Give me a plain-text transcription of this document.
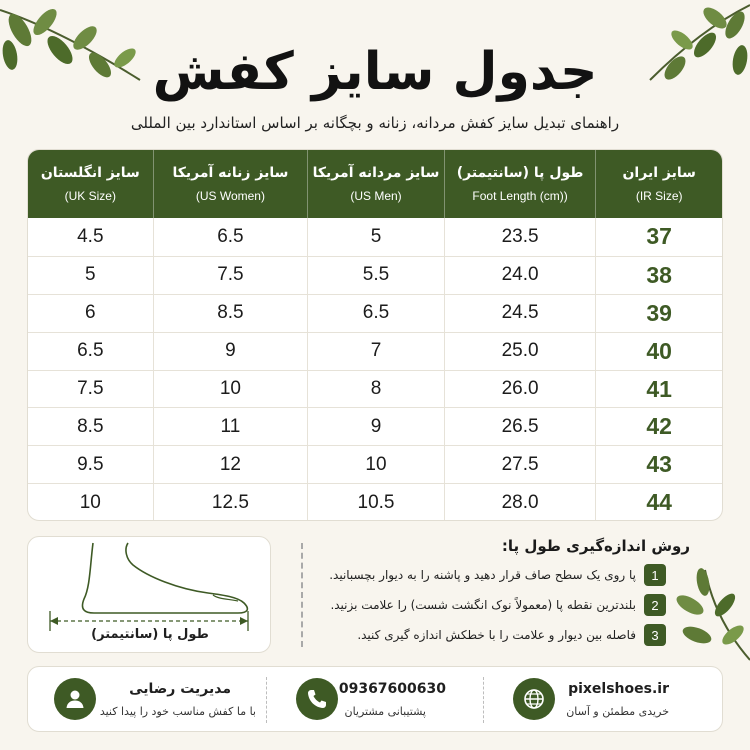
جدول سایز کفش
راهنمای تبدیل سایز کفش مردانه، زنانه و بچگانه بر اساس استاندارد بین المللی
سایز ایران
(IR Size)
طول پا (سانتیمتر)
(Foot Length (cm)
سایز مردانه آمریکا
(US Men)
سایز زنانه آمریکا
(US Women)
سایز انگلستان
(UK Size)
37
23.5
5
6.5
4.5
38
24.0
5.5
7.5
5
39
24.5
6.5
8.5
6
40
25.0
7
9
6.5
41
26.0
8
10
7.5
42
26.5
9
11
8.5
43
27.5
10
12
9.5
44
28.0
10.5
12.5
10
طول پا (سانتیمتر)
روش اندازه‌گیری طول پا:
1
پا روی یک سطح صاف قرار دهید و پاشنه را به دیوار بچسبانید.
2
بلندترین نقطه پا (معمولاً نوک انگشت شست) را علامت بزنید.
3
فاصله بین دیوار و علامت را با خطکش اندازه گیری کنید.
pixelshoes.ir
خریدی مطمئن و آسان
09367600630
پشتیبانی مشتریان
مدیریت رضایی
با ما کفش مناسب خود را پیدا کنید
